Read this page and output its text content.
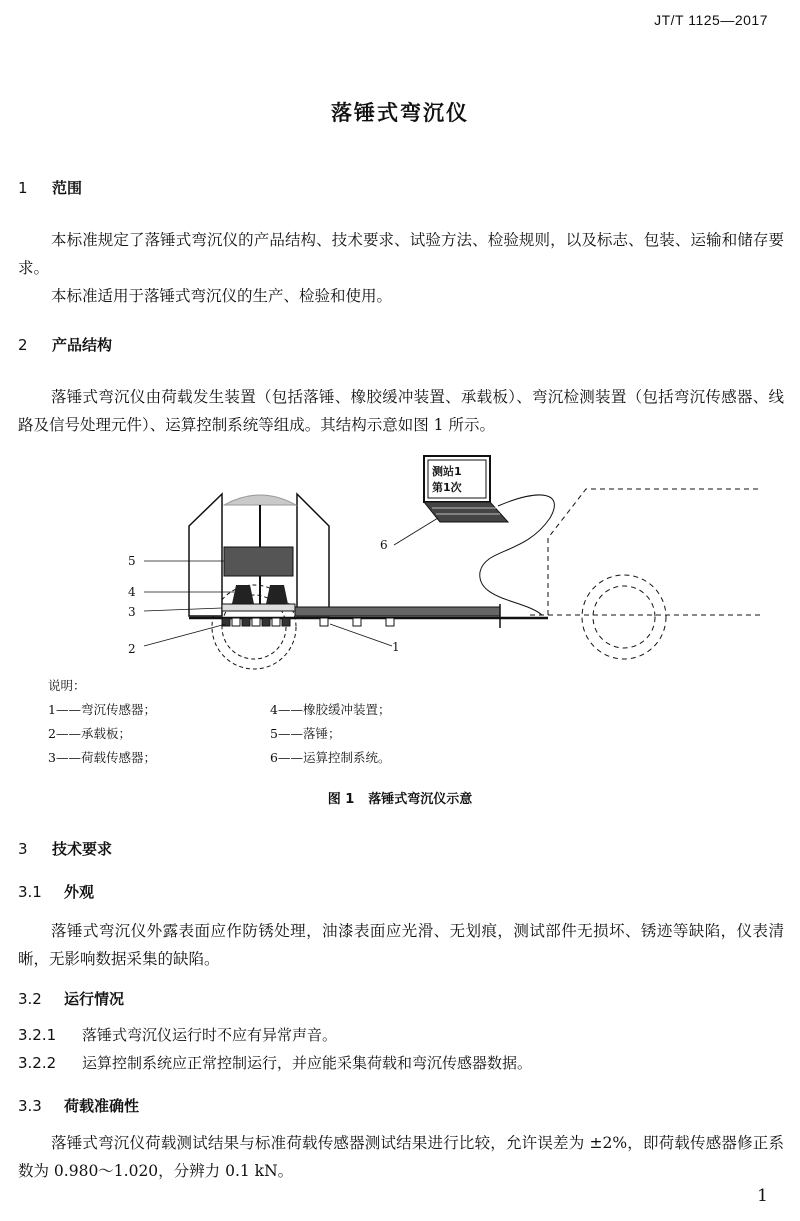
JT/T 1125—2017
落锤式弯沉仪
1 范围
本标准规定了落锤式弯沉仪的产品结构、技术要求、试验方法、检验规则，以及标志、包装、运输和储存要求。
本标准适用于落锤式弯沉仪的生产、检验和使用。
2 产品结构
落锤式弯沉仪由荷载发生装置（包括落锤、橡胶缓冲装置、承载板）、弯沉检测装置（包括弯沉传感器、线路及信号处理元件）、运算控制系统等组成。其结构示意如图 1 所示。
测站1
第1次
5
4
3
2	1
6
说明：
1——弯沉传感器；
2——承载板；
3——荷载传感器；
4——橡胶缓冲装置；
5——落锤；
6——运算控制系统。
图 1 落锤式弯沉仪示意
3 技术要求
3.1 外观
落锤式弯沉仪外露表面应作防锈处理，油漆表面应光滑、无划痕，测试部件无损坏、锈迹等缺陷，仪表清晰，无影响数据采集的缺陷。
3.2 运行情况
3.2.1 落锤式弯沉仪运行时不应有异常声音。
3.2.2 运算控制系统应正常控制运行，并应能采集荷载和弯沉传感器数据。
3.3 荷载准确性
落锤式弯沉仪荷载测试结果与标准荷载传感器测试结果进行比较，允许误差为 ±2%，即荷载传感器修正系数为 0.980～1.020，分辨力 0.1 kN。
1
